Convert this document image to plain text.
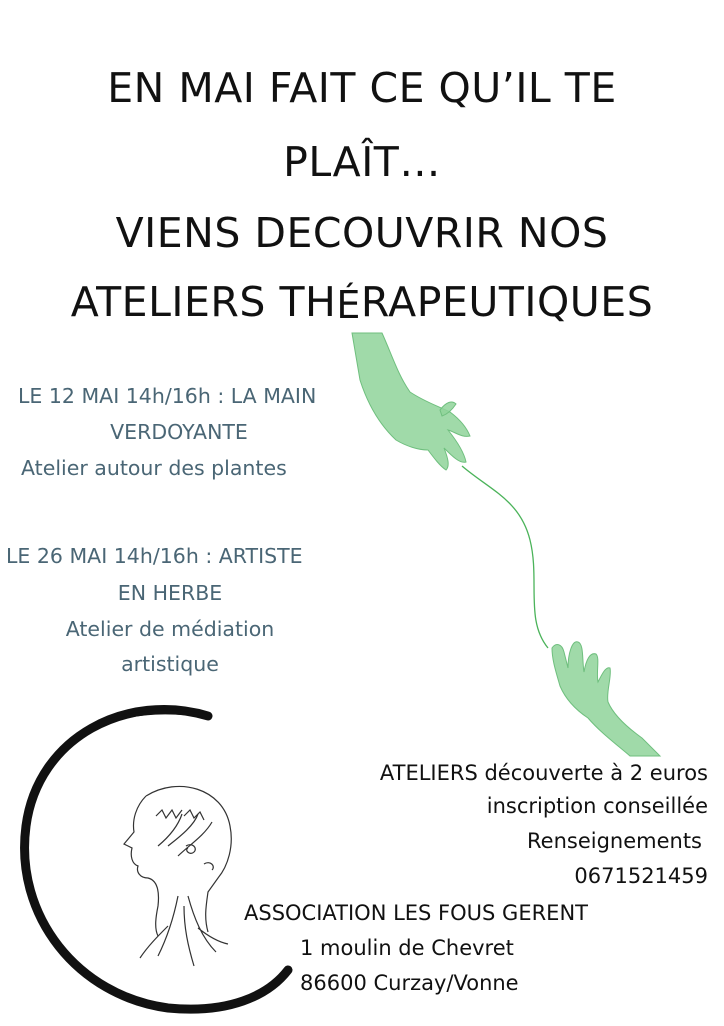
EN MAI FAIT CE QU’IL TE
PLAÎT…
VIENS DECOUVRIR NOS
ATELIERS THÉRAPEUTIQUES
LE 12 MAI 14h/16h : LA MAIN
VERDOYANTE
Atelier autour des plantes
LE 26 MAI 14h/16h : ARTISTE
EN HERBE
Atelier de médiation
artistique
ATELIERS découverte à 2 euros
inscription conseillée
Renseignements
0671521459
ASSOCIATION LES FOUS GERENT
1 moulin de Chevret
86600 Curzay/Vonne
